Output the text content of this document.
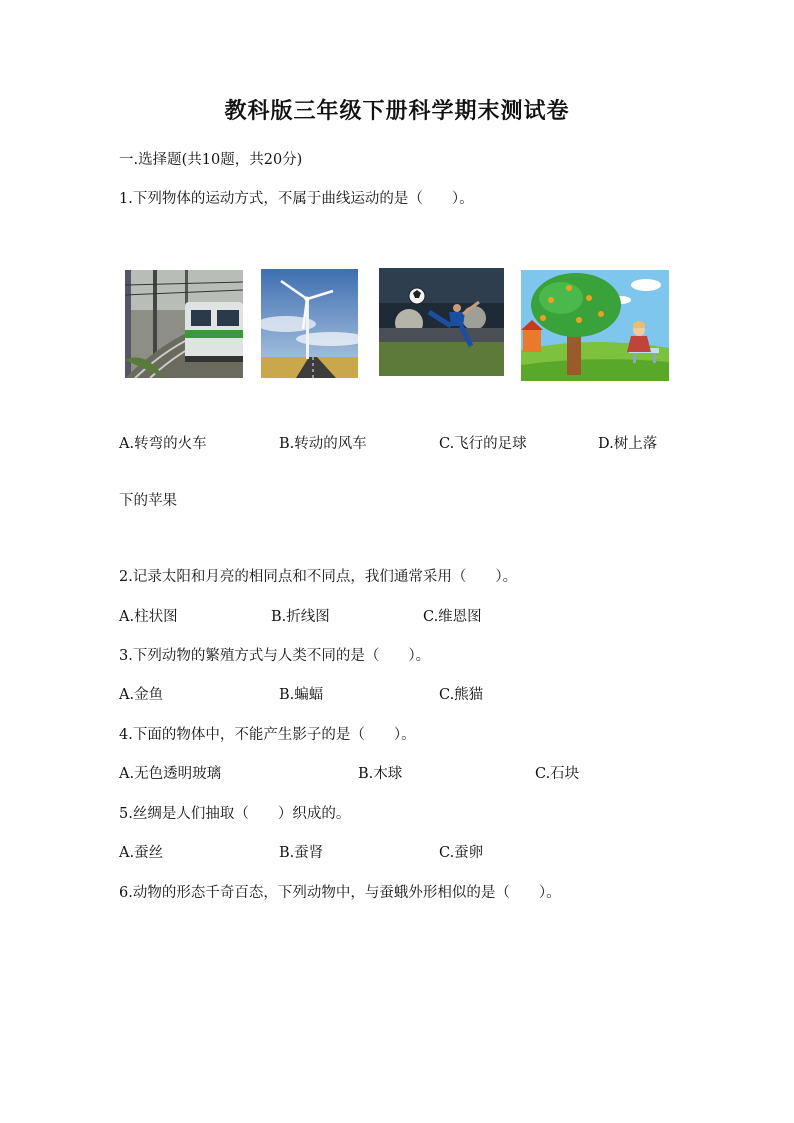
教科版三年级下册科学期末测试卷
一.选择题(共10题，共20分)
1.下列物体的运动方式，不属于曲线运动的是（　　）。
A.转弯的火车	B.转动的风车	C.飞行的足球	D.树上落
下的苹果
2.记录太阳和月亮的相同点和不同点，我们通常采用（　　）。
A.柱状图	B.折线图	C.维恩图
3.下列动物的繁殖方式与人类不同的是（　　）。
A.金鱼	B.蝙蝠	C.熊猫
4.下面的物体中，不能产生影子的是（　　）。
A.无色透明玻璃	B.木球	C.石块
5.丝绸是人们抽取（　　）织成的。
A.蚕丝	B.蚕肾	C.蚕卵
6.动物的形态千奇百态，下列动物中，与蚕蛾外形相似的是（　　）。
